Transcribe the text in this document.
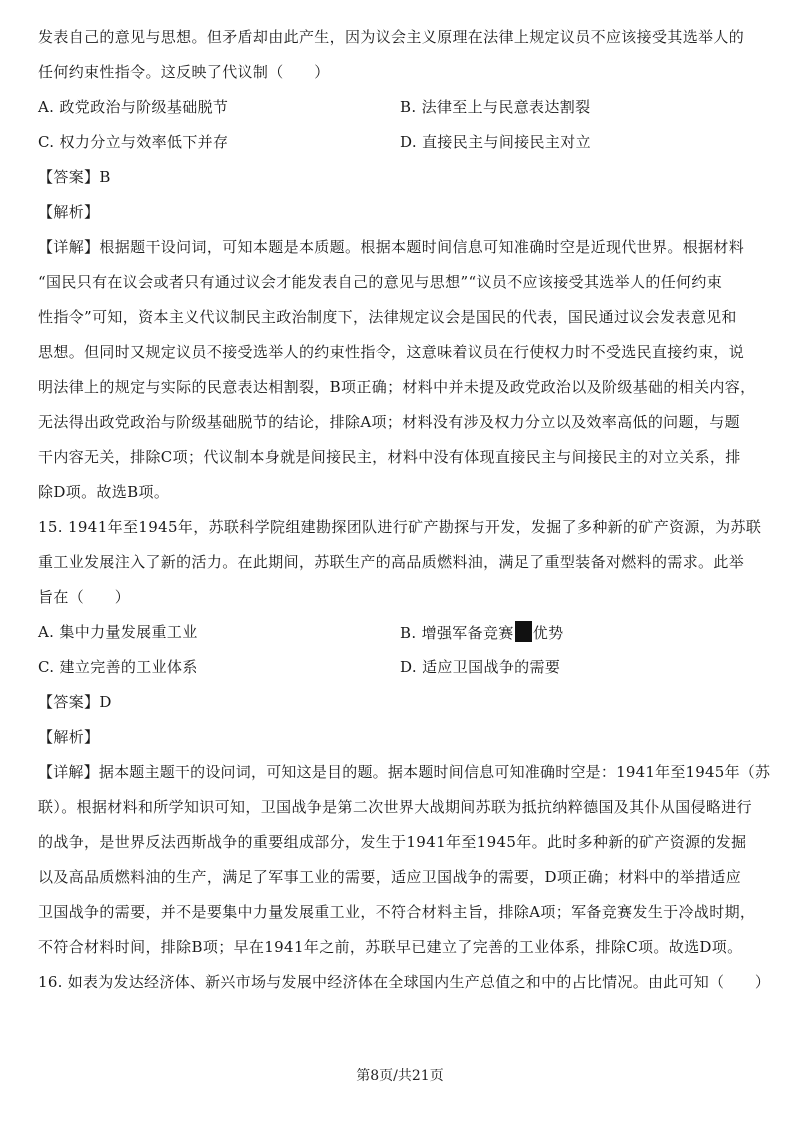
发表自己的意见与思想。但矛盾却由此产生，因为议会主义原理在法律上规定议员不应该接受其选举人的
任何约束性指令。这反映了代议制（　　）
A. 政党政治与阶级基础脱节	B. 法律至上与民意表达割裂
C. 权力分立与效率低下并存	D. 直接民主与间接民主对立
【答案】B
【解析】
【详解】根据题干设问词，可知本题是本质题。根据本题时间信息可知准确时空是近现代世界。根据材料
“国民只有在议会或者只有通过议会才能发表自己的意见与思想”“议员不应该接受其选举人的任何约束
性指令”可知，资本主义代议制民主政治制度下，法律规定议会是国民的代表，国民通过议会发表意见和
思想。但同时又规定议员不接受选举人的约束性指令，这意味着议员在行使权力时不受选民直接约束，说
明法律上的规定与实际的民意表达相割裂，B项正确；材料中并未提及政党政治以及阶级基础的相关内容，
无法得出政党政治与阶级基础脱节的结论，排除A项；材料没有涉及权力分立以及效率高低的问题，与题
干内容无关，排除C项；代议制本身就是间接民主，材料中没有体现直接民主与间接民主的对立关系，排
除D项。故选B项。
15. 1941年至1945年，苏联科学院组建勘探团队进行矿产勘探与开发，发掘了多种新的矿产资源，为苏联
重工业发展注入了新的活力。在此期间，苏联生产的高品质燃料油，满足了重型装备对燃料的需求。此举
旨在（　　）
A. 集中力量发展重工业	B. 增强军备竞赛 优势
C. 建立完善的工业体系	D. 适应卫国战争的需要
【答案】D
【解析】
【详解】据本题主题干的设问词，可知这是目的题。据本题时间信息可知准确时空是：1941年至1945年（苏
联）。根据材料和所学知识可知，卫国战争是第二次世界大战期间苏联为抵抗纳粹德国及其仆从国侵略进行
的战争，是世界反法西斯战争的重要组成部分，发生于1941年至1945年。此时多种新的矿产资源的发掘
以及高品质燃料油的生产，满足了军事工业的需要，适应卫国战争的需要，D项正确；材料中的举措适应
卫国战争的需要，并不是要集中力量发展重工业，不符合材料主旨，排除A项；军备竞赛发生于冷战时期，
不符合材料时间，排除B项；早在1941年之前，苏联早已建立了完善的工业体系，排除C项。故选D项。
16. 如表为发达经济体、新兴市场与发展中经济体在全球国内生产总值之和中的占比情况。由此可知（　　）
第8页/共21页
